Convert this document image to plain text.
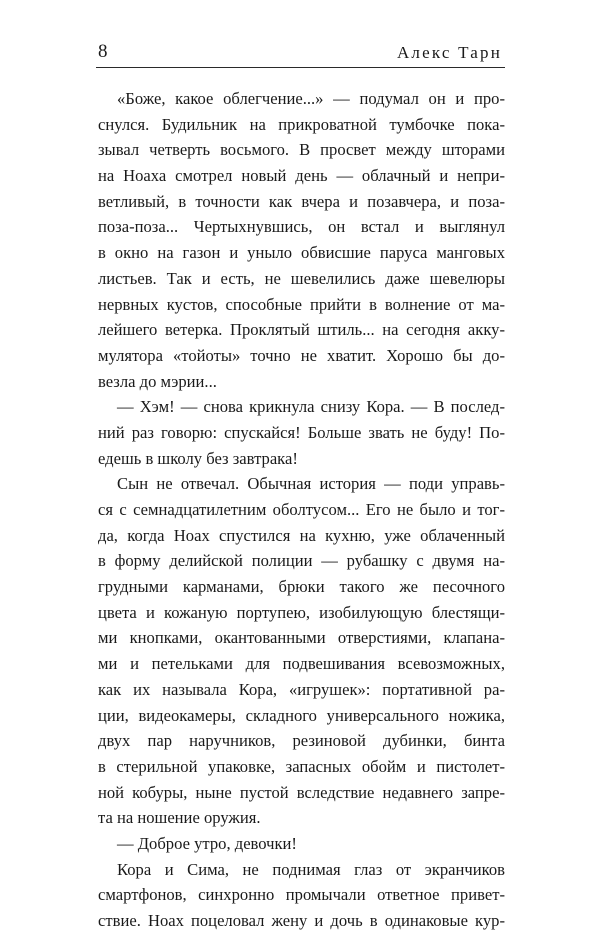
8	Алекс Тарн
«Боже, какое облегчение...» — подумал он и про-
снулся. Будильник на прикроватной тумбочке пока-
зывал четверть восьмого. В просвет между шторами
на Ноаха смотрел новый день — облачный и непри-
ветливый, в точности как вчера и позавчера, и поза-
поза-поза... Чертыхнувшись, он встал и выглянул
в окно на газон и уныло обвисшие паруса манговых
листьев. Так и есть, не шевелились даже шевелюры
нервных кустов, способные прийти в волнение от ма-
лейшего ветерка. Проклятый штиль... на сегодня акку-
мулятора «тойоты» точно не хватит. Хорошо бы до-
везла до мэрии...
— Хэм! — снова крикнула снизу Кора. — В послед-
ний раз говорю: спускайся! Больше звать не буду! По-
едешь в школу без завтрака!
Сын не отвечал. Обычная история — поди управь-
ся с семнадцатилетним оболтусом... Его не было и тог-
да, когда Ноах спустился на кухню, уже облаченный
в форму делийской полиции — рубашку с двумя на-
грудными карманами, брюки такого же песочного
цвета и кожаную портупею, изобилующую блестящи-
ми кнопками, окантованными отверстиями, клапана-
ми и петельками для подвешивания всевозможных,
как их называла Кора, «игрушек»: портативной ра-
ции, видеокамеры, складного универсального ножика,
двух пар наручников, резиновой дубинки, бинта
в стерильной упаковке, запасных обойм и пистолет-
ной кобуры, ныне пустой вследствие недавнего запре-
та на ношение оружия.
— Доброе утро, девочки!
Кора и Сима, не поднимая глаз от экранчиков
смартфонов, синхронно промычали ответное привет-
ствие. Ноах поцеловал жену и дочь в одинаковые кур-
